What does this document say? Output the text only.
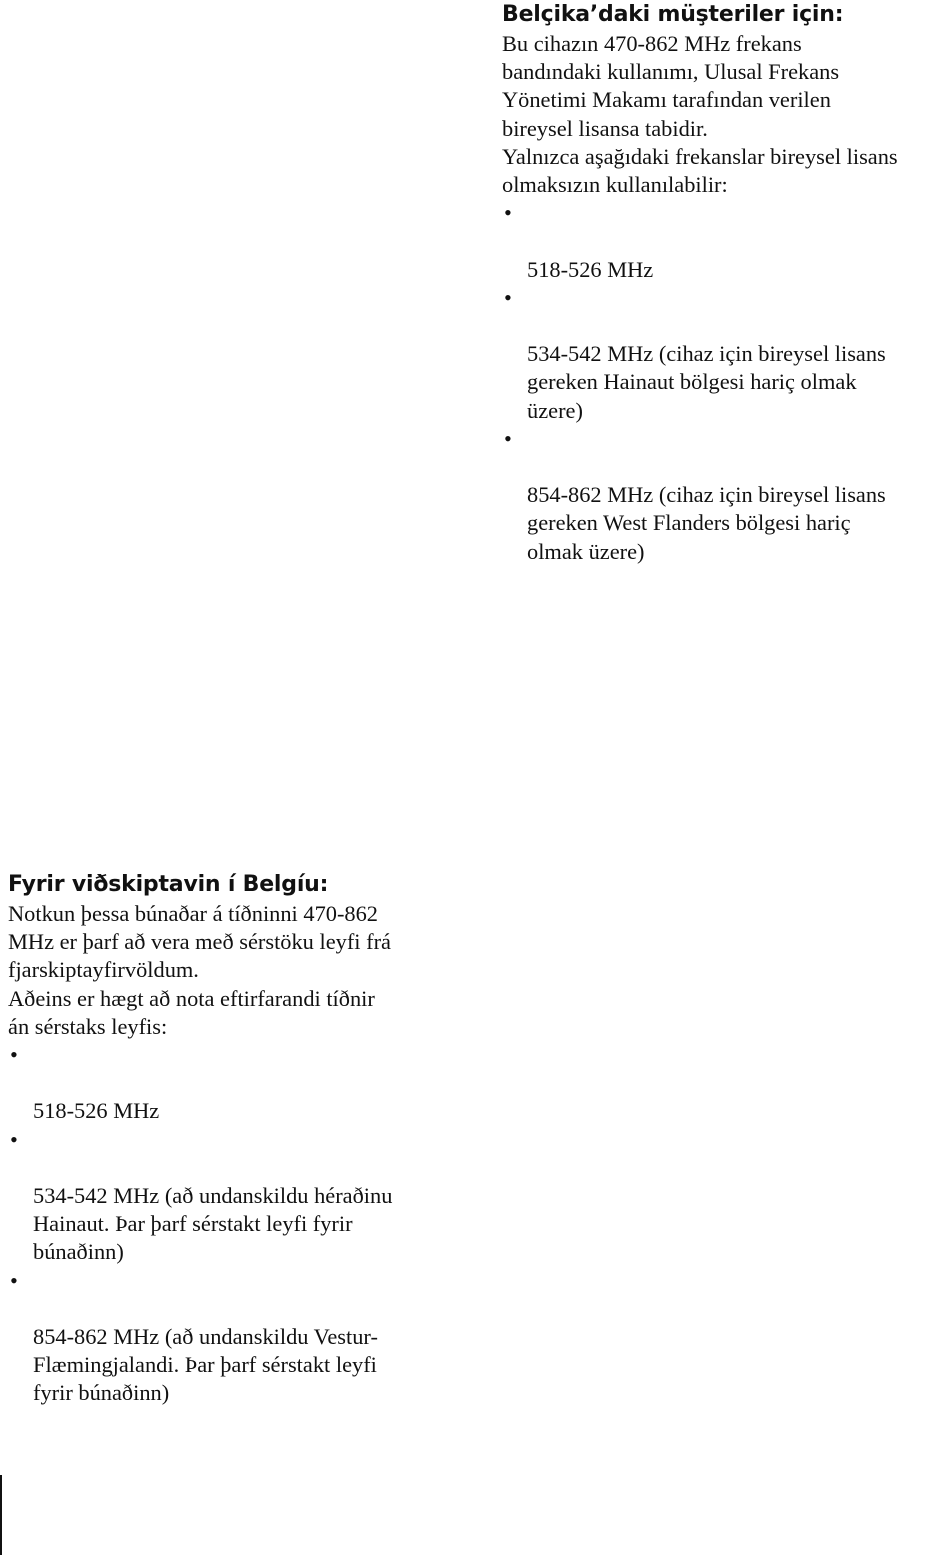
Belçika’daki müşteriler için:

Bu cihazın 470-862 MHz frekans
bandındaki kullanımı, Ulusal Frekans
Yönetimi Makamı tarafından verilen
bireysel lisansa tabidir.

Yalnızca aşağıdaki frekanslar bireysel lisans
olmaksızın kullanılabilir:

•

518-526 MHz

•

534-542 MHz (cihaz için bireysel lisans
gereken Hainaut bölgesi hariç olmak
üzere)

•

854-862 MHz (cihaz için bireysel lisans
gereken West Flanders bölgesi hariç
olmak üzere)

Fyrir viðskiptavin í Belgíu:

Notkun þessa búnaðar á tíðninni 470-862
MHz er þarf að vera með sérstöku leyfi frá
fjarskiptayfirvöldum.

Aðeins er hægt að nota eftirfarandi tíðnir
án sérstaks leyfis:

•

518-526 MHz

•

534-542 MHz (að undanskildu héraðinu
Hainaut. Þar þarf sérstakt leyfi fyrir
búnaðinn)

•

854-862 MHz (að undanskildu Vestur-
Flæmingjalandi. Þar þarf sérstakt leyfi
fyrir búnaðinn)
